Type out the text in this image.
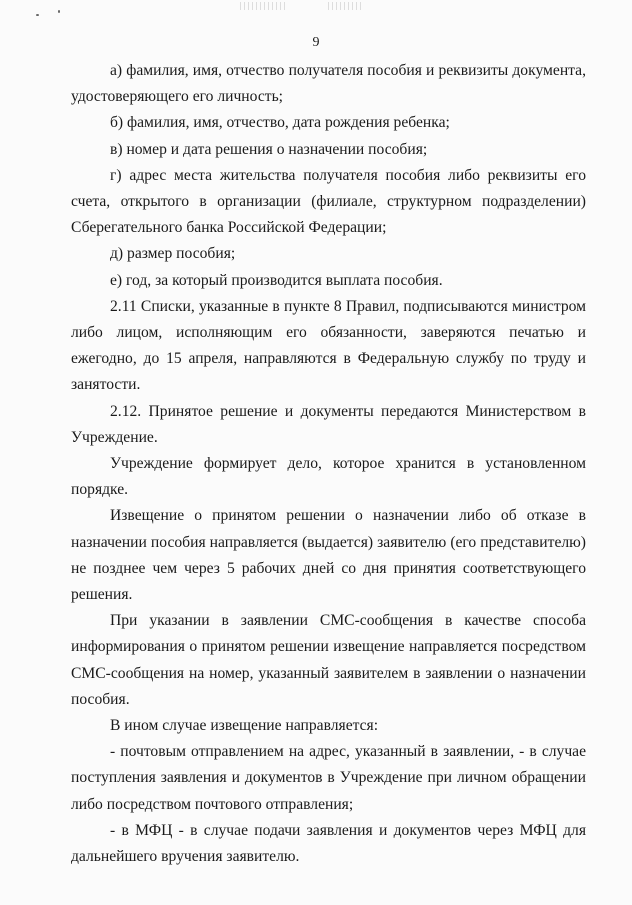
9

а) фамилия, имя, отчество получателя пособия и реквизиты документа, удостоверяющего его личность;

б) фамилия, имя, отчество, дата рождения ребенка;

в) номер и дата решения о назначении пособия;

г) адрес места жительства получателя пособия либо реквизиты его счета, открытого в организации (филиале, структурном подразделении) Сберегательного банка Российской Федерации;

д) размер пособия;

е) год, за который производится выплата пособия.

2.11 Списки, указанные в пункте 8 Правил, подписываются министром либо лицом, исполняющим его обязанности, заверяются печатью и ежегодно, до 15 апреля, направляются в Федеральную службу по труду и занятости.

2.12. Принятое решение и документы передаются Министерством в Учреждение.

Учреждение формирует дело, которое хранится в установленном порядке.

Извещение о принятом решении о назначении либо об отказе в назначении пособия направляется (выдается) заявителю (его представителю) не позднее чем через 5 рабочих дней со дня принятия соответствующего решения.

При указании в заявлении СМС-сообщения в качестве способа информирования о принятом решении извещение направляется посредством СМС-сообщения на номер, указанный заявителем в заявлении о назначении пособия.

В ином случае извещение направляется:

- почтовым отправлением на адрес, указанный в заявлении, - в случае поступления заявления и документов в Учреждение при личном обращении либо посредством почтового отправления;

- в МФЦ - в случае подачи заявления и документов через МФЦ для дальнейшего вручения заявителю.
